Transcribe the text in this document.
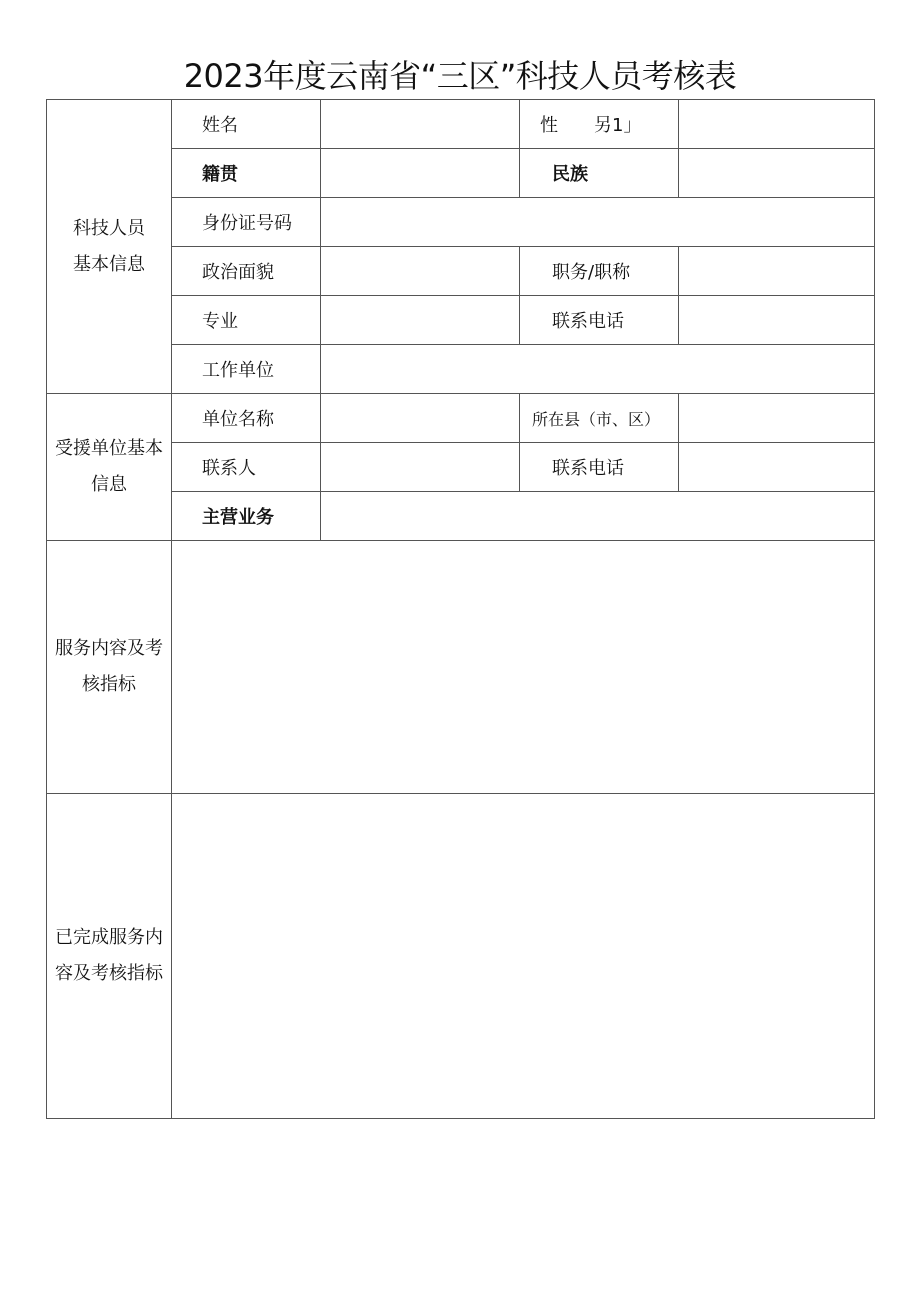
2023年度云南省“三区”科技人员考核表
科技人员
基本信息	姓名		性　　另1」	
	籍贯		民族	
	身份证号码			
	政治面貌		职务/职称	
	专业		联系电话	
	工作单位			
受援单位基本
信息	单位名称		所在县（市、区）	
	联系人		联系电话	
	主营业务			
服务内容及考
核指标				
已完成服务内
容及考核指标				
